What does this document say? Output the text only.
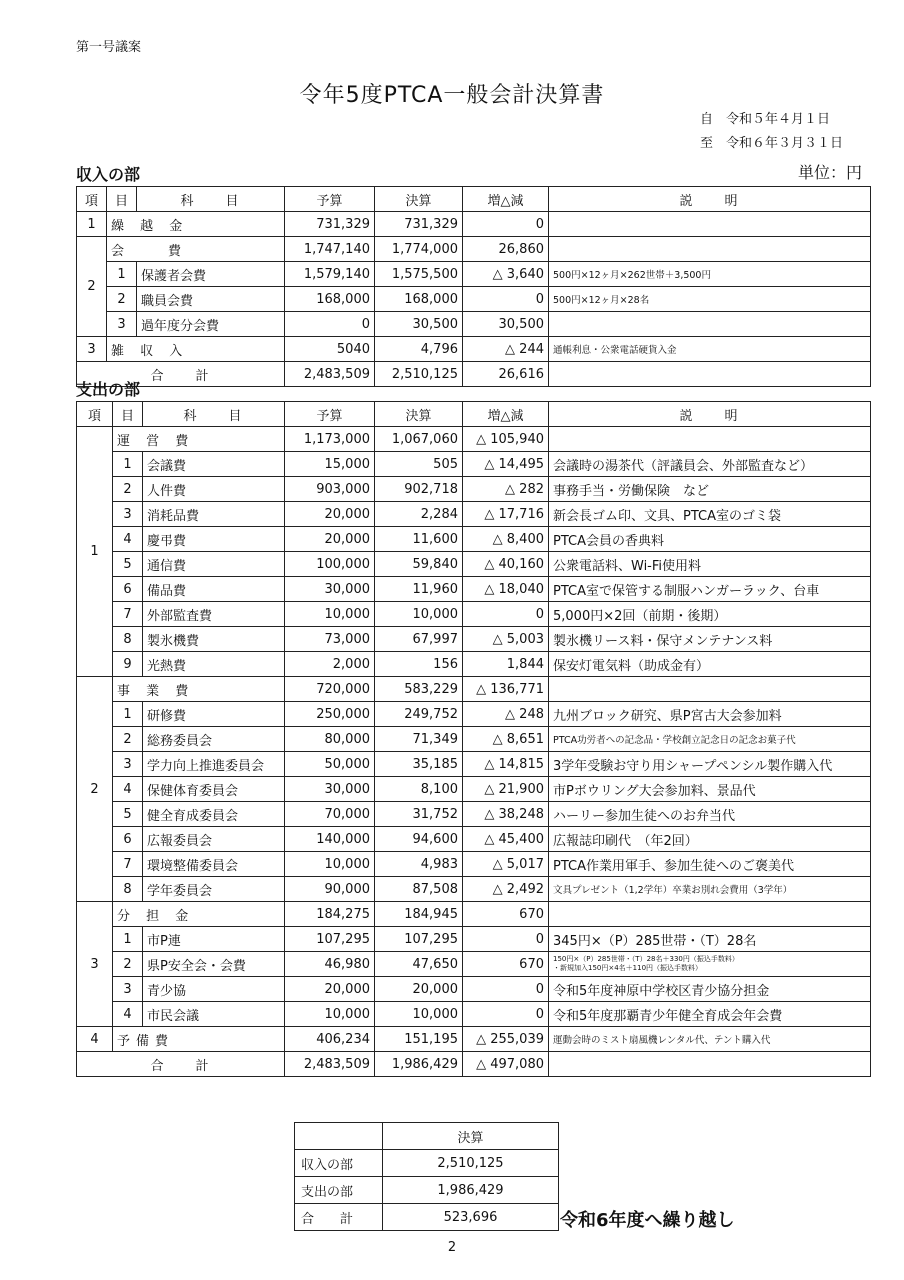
第一号議案
令年5度PTCA一般会計決算書
自　令和５年４月１日
至　令和６年３月３１日
単位：円
収入の部
項	目	科　　目	予算	決算	増△減	説　　明
1	繰 越 金		731,329	731,329	0	
2	会　　費		1,747,140	1,774,000	26,860	
	1	保護者会費	1,579,140	1,575,500	△ 3,640	500円×12ヶ月×262世帯＋3,500円
	2	職員会費	168,000	168,000	0	500円×12ヶ月×28名
	3	過年度分会費	0	30,500	30,500	
3	雑 収 入		5040	4,796	△ 244	通帳利息・公衆電話硬貨入金
合　　計			2,483,509	2,510,125	26,616	
支出の部
項	目	科　　目	予算	決算	増△減	説　　明
1	運 営 費		1,173,000	1,067,060	△ 105,940	
	1	会議費	15,000	505	△ 14,495	会議時の湯茶代（評議員会、外部監査など）
	2	人件費	903,000	902,718	△ 282	事務手当・労働保険　など
	3	消耗品費	20,000	2,284	△ 17,716	新会長ゴム印、文具、PTCA室のゴミ袋
	4	慶弔費	20,000	11,600	△ 8,400	PTCA会員の香典料
	5	通信費	100,000	59,840	△ 40,160	公衆電話料、Wi-Fi使用料
	6	備品費	30,000	11,960	△ 18,040	PTCA室で保管する制服ハンガーラック、台車
	7	外部監査費	10,000	10,000	0	5,000円×2回（前期・後期）
	8	製氷機費	73,000	67,997	△ 5,003	製氷機リース料・保守メンテナンス料
	9	光熱費	2,000	156	1,844	保安灯電気料（助成金有）
2	事 業 費		720,000	583,229	△ 136,771	
	1	研修費	250,000	249,752	△ 248	九州ブロック研究、県P宮古大会参加料
	2	総務委員会	80,000	71,349	△ 8,651	PTCA功労者への記念品・学校創立記念日の記念お菓子代
	3	学力向上推進委員会	50,000	35,185	△ 14,815	3学年受験お守り用シャープペンシル製作購入代
	4	保健体育委員会	30,000	8,100	△ 21,900	市Pボウリング大会参加料、景品代
	5	健全育成委員会	70,000	31,752	△ 38,248	ハーリー参加生徒へのお弁当代
	6	広報委員会	140,000	94,600	△ 45,400	広報誌印刷代　（年2回）
	7	環境整備委員会	10,000	4,983	△ 5,017	PTCA作業用軍手、参加生徒へのご褒美代
	8	学年委員会	90,000	87,508	△ 2,492	文具プレゼント（1,2学年）卒業お別れ会費用（3学年）
3	分 担 金		184,275	184,945	670	
	1	市P連	107,295	107,295	0	345円×（P）285世帯・（T）28名
	2	県P安全会・会費	46,980	47,650	670	150円×（P）285世帯・（T）28名＋330円（振込手数料）
・新規加入150円×4名＋110円（振込手数料）

	3	青少協	20,000	20,000	0	令和5年度神原中学校区青少協分担金
	4	市民会議	10,000	10,000	0	令和5年度那覇青少年健全育成会年会費
4	予備費		406,234	151,195	△ 255,039	運動会時のミスト扇風機レンタル代、テント購入代
合　　計			2,483,509	1,986,429	△ 497,080	
	決算
収入の部	2,510,125
支出の部	1,986,429
合　　計	523,696	令和6年度へ繰り越し
2
